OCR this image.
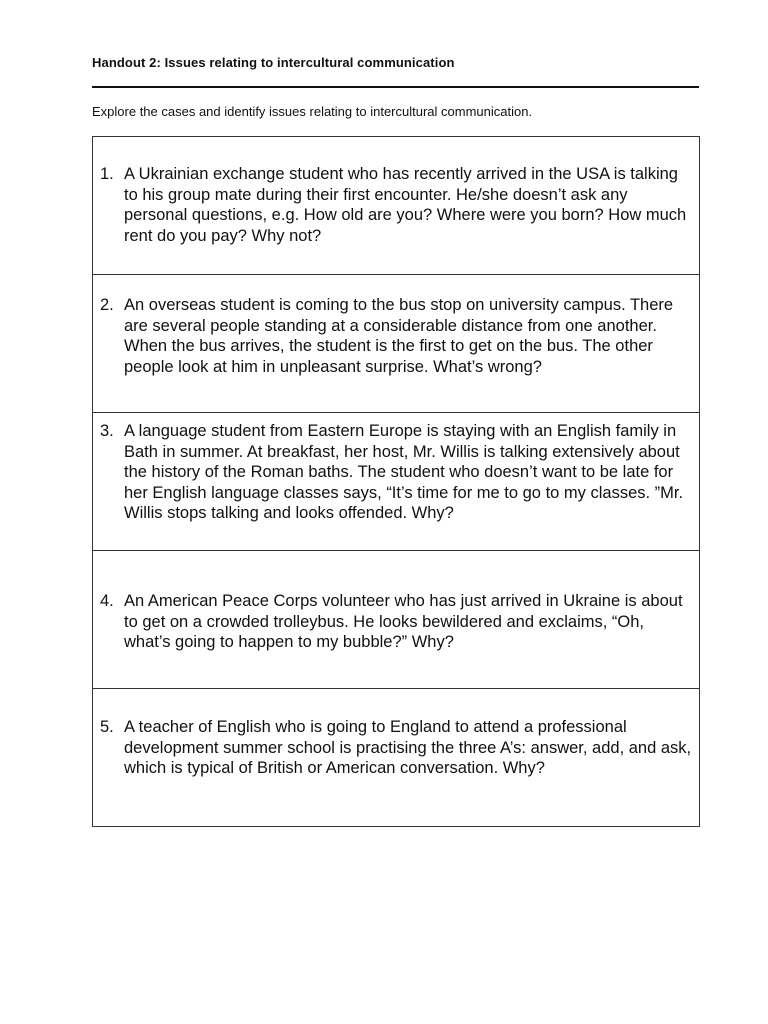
Handout 2: Issues relating to intercultural communication
Explore the cases and identify issues relating to intercultural communication.
1. A Ukrainian exchange student who has recently arrived in the USA is talking to his group mate during their first encounter. He/she doesn’t ask any personal questions, e.g. How old are you? Where were you born? How much rent do you pay? Why not?
2. An overseas student is coming to the bus stop on university campus. There are several people standing at a considerable distance from one another. When the bus arrives, the student is the first to get on the bus. The other people look at him in unpleasant surprise. What’s wrong?
3. A language student from Eastern Europe is staying with an English family in Bath in summer. At breakfast, her host, Mr. Willis is talking extensively about the history of the Roman baths. The student who doesn’t want to be late for her English language classes says, “It’s time for me to go to my classes. ”Mr. Willis stops talking and looks offended. Why?
4. An American Peace Corps volunteer who has just arrived in Ukraine is about to get on a crowded trolleybus. He looks bewildered and exclaims, “Oh, what’s going to happen to my bubble?” Why?
5. A teacher of English who is going to England to attend a professional development summer school is practising the three A’s: answer, add, and ask, which is typical of British or American conversation. Why?
